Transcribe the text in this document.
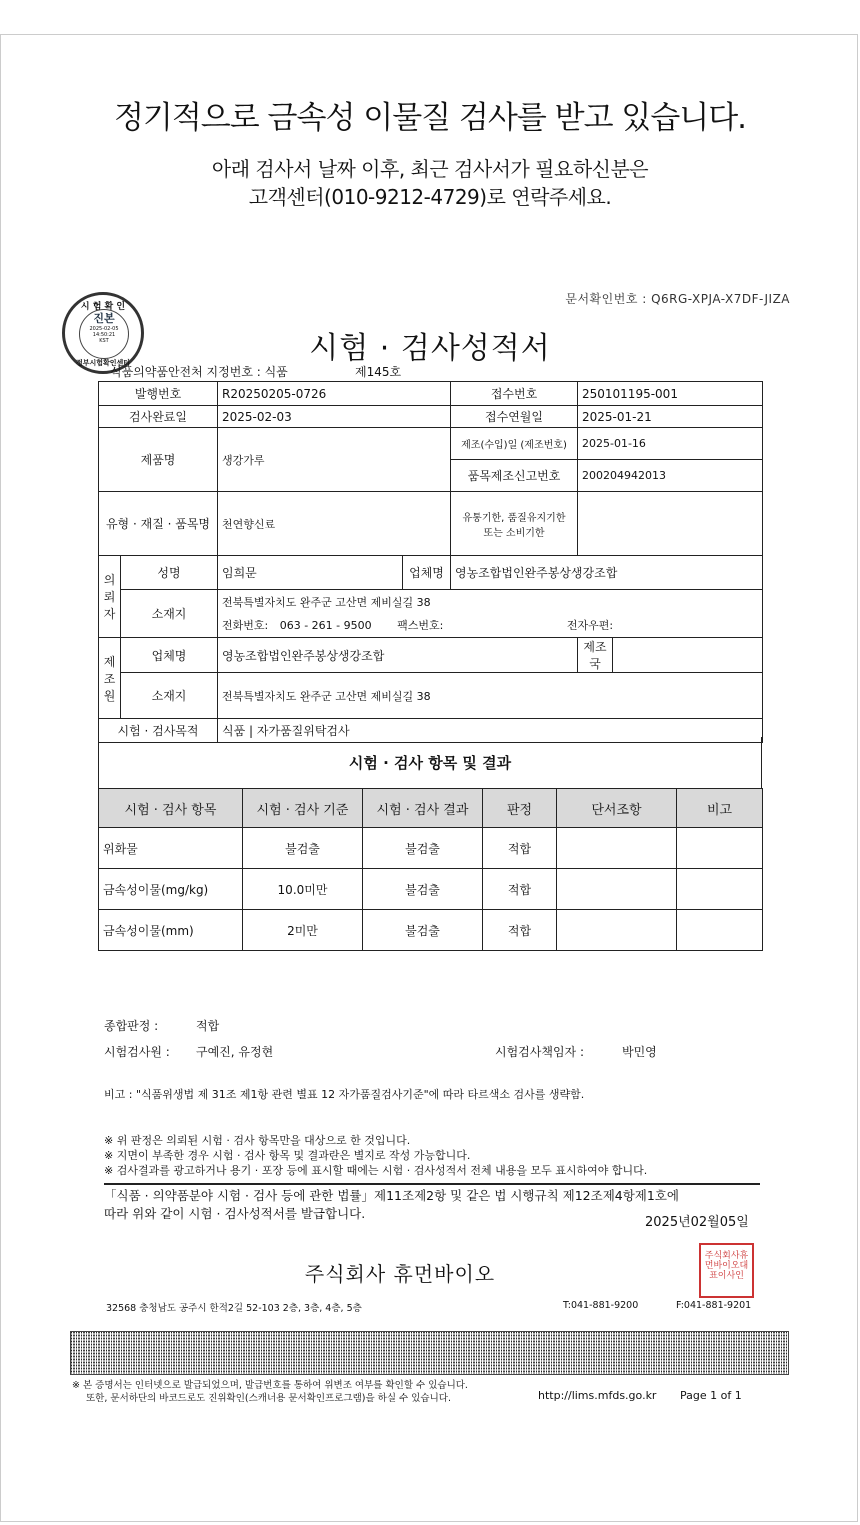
정기적으로 금속성 이물질 검사를 받고 있습니다.
아래 검사서 날짜 이후, 최근 검사서가 필요하신분은
고객센터(010-9212-4729)로 연락주세요.
문서확인번호 : Q6RG-XPJA-X7DF-JIZA
시 험 확 인
진본
2025-02-05
14:50:21
KST
정부시험확인센터	시험 · 검사성적서
식품의약품안전처 지정번호 : 식품	제145호
발행번호		R20250205-0726		접수번호	250101195-001	
검사완료일		2025-02-03		접수연월일	2025-01-21	
제품명		생강가루		제조(수입)일 (제조번호)	2025-01-16	
				품목제조신고번호	200204942013	
유형 · 재질 · 품목명		천연향신료		유통기한, 품질유지기한
또는 소비기한		

의뢰자	성명	임희문	업체명	영농조합법인완주봉상생강조합		
	소재지	전북특별자치도 완주군 고산면 제비실길 38				
		전화번호: 063 - 261 - 9500 팩스번호: 전자우편:				
제조원	업체명	영농조합법인완주봉상생강조합			제조국	
	소재지	전북특별자치도 완주군 고산면 제비실길 38				
시험 · 검사목적		식품 | 자가품질위탁검사				
시험 · 검사 항목 및 결과
시험 · 검사 항목	시험 · 검사 기준	시험 · 검사 결과	판정	단서조항	비고
위화물	불검출	불검출	적합		
금속성이물(mg/kg)	10.0미만	불검출	적합		
금속성이물(mm)	2미만	불검출	적합		
종합판정 :	적합
시험검사원 : 구예진, 유정현	시험검사책임자 :	박민영
비고 : "식품위생법 제 31조 제1항 관련 별표 12 자가품질검사기준"에 따라 타르색소 검사를 생략함.
※ 위 판정은 의뢰된 시험 · 검사 항목만을 대상으로 한 것입니다.
※ 지면이 부족한 경우 시험 · 검사 항목 및 결과란은 별지로 작성 가능합니다.
※ 검사결과를 광고하거나 용기 · 포장 등에 표시할 때에는 시험 · 검사성적서 전체 내용을 모두 표시하여야 합니다.
「식품 · 의약품분야 시험 · 검사 등에 관한 법률」제11조제2항 및 같은 법 시행규칙 제12조제4항제1호에
따라 위와 같이 시험 · 검사성적서를 발급합니다.
2025년02월05일
주식회사 휴먼바이오
주식회사휴먼바이오대표이사인
32568 충청남도 공주시 한적2길 52-103 2층, 3층, 4층, 5층	T:041-881-9200	F:041-881-9201
※ 본 증명서는 인터넷으로 발급되었으며, 발급번호를 통하여 위변조 여부를 확인할 수 있습니다.
또한, 문서하단의 바코드로도 진위확인(스캐너용 문서확인프로그램)을 하실 수 있습니다.	http://lims.mfds.go.kr Page 1 of 1
